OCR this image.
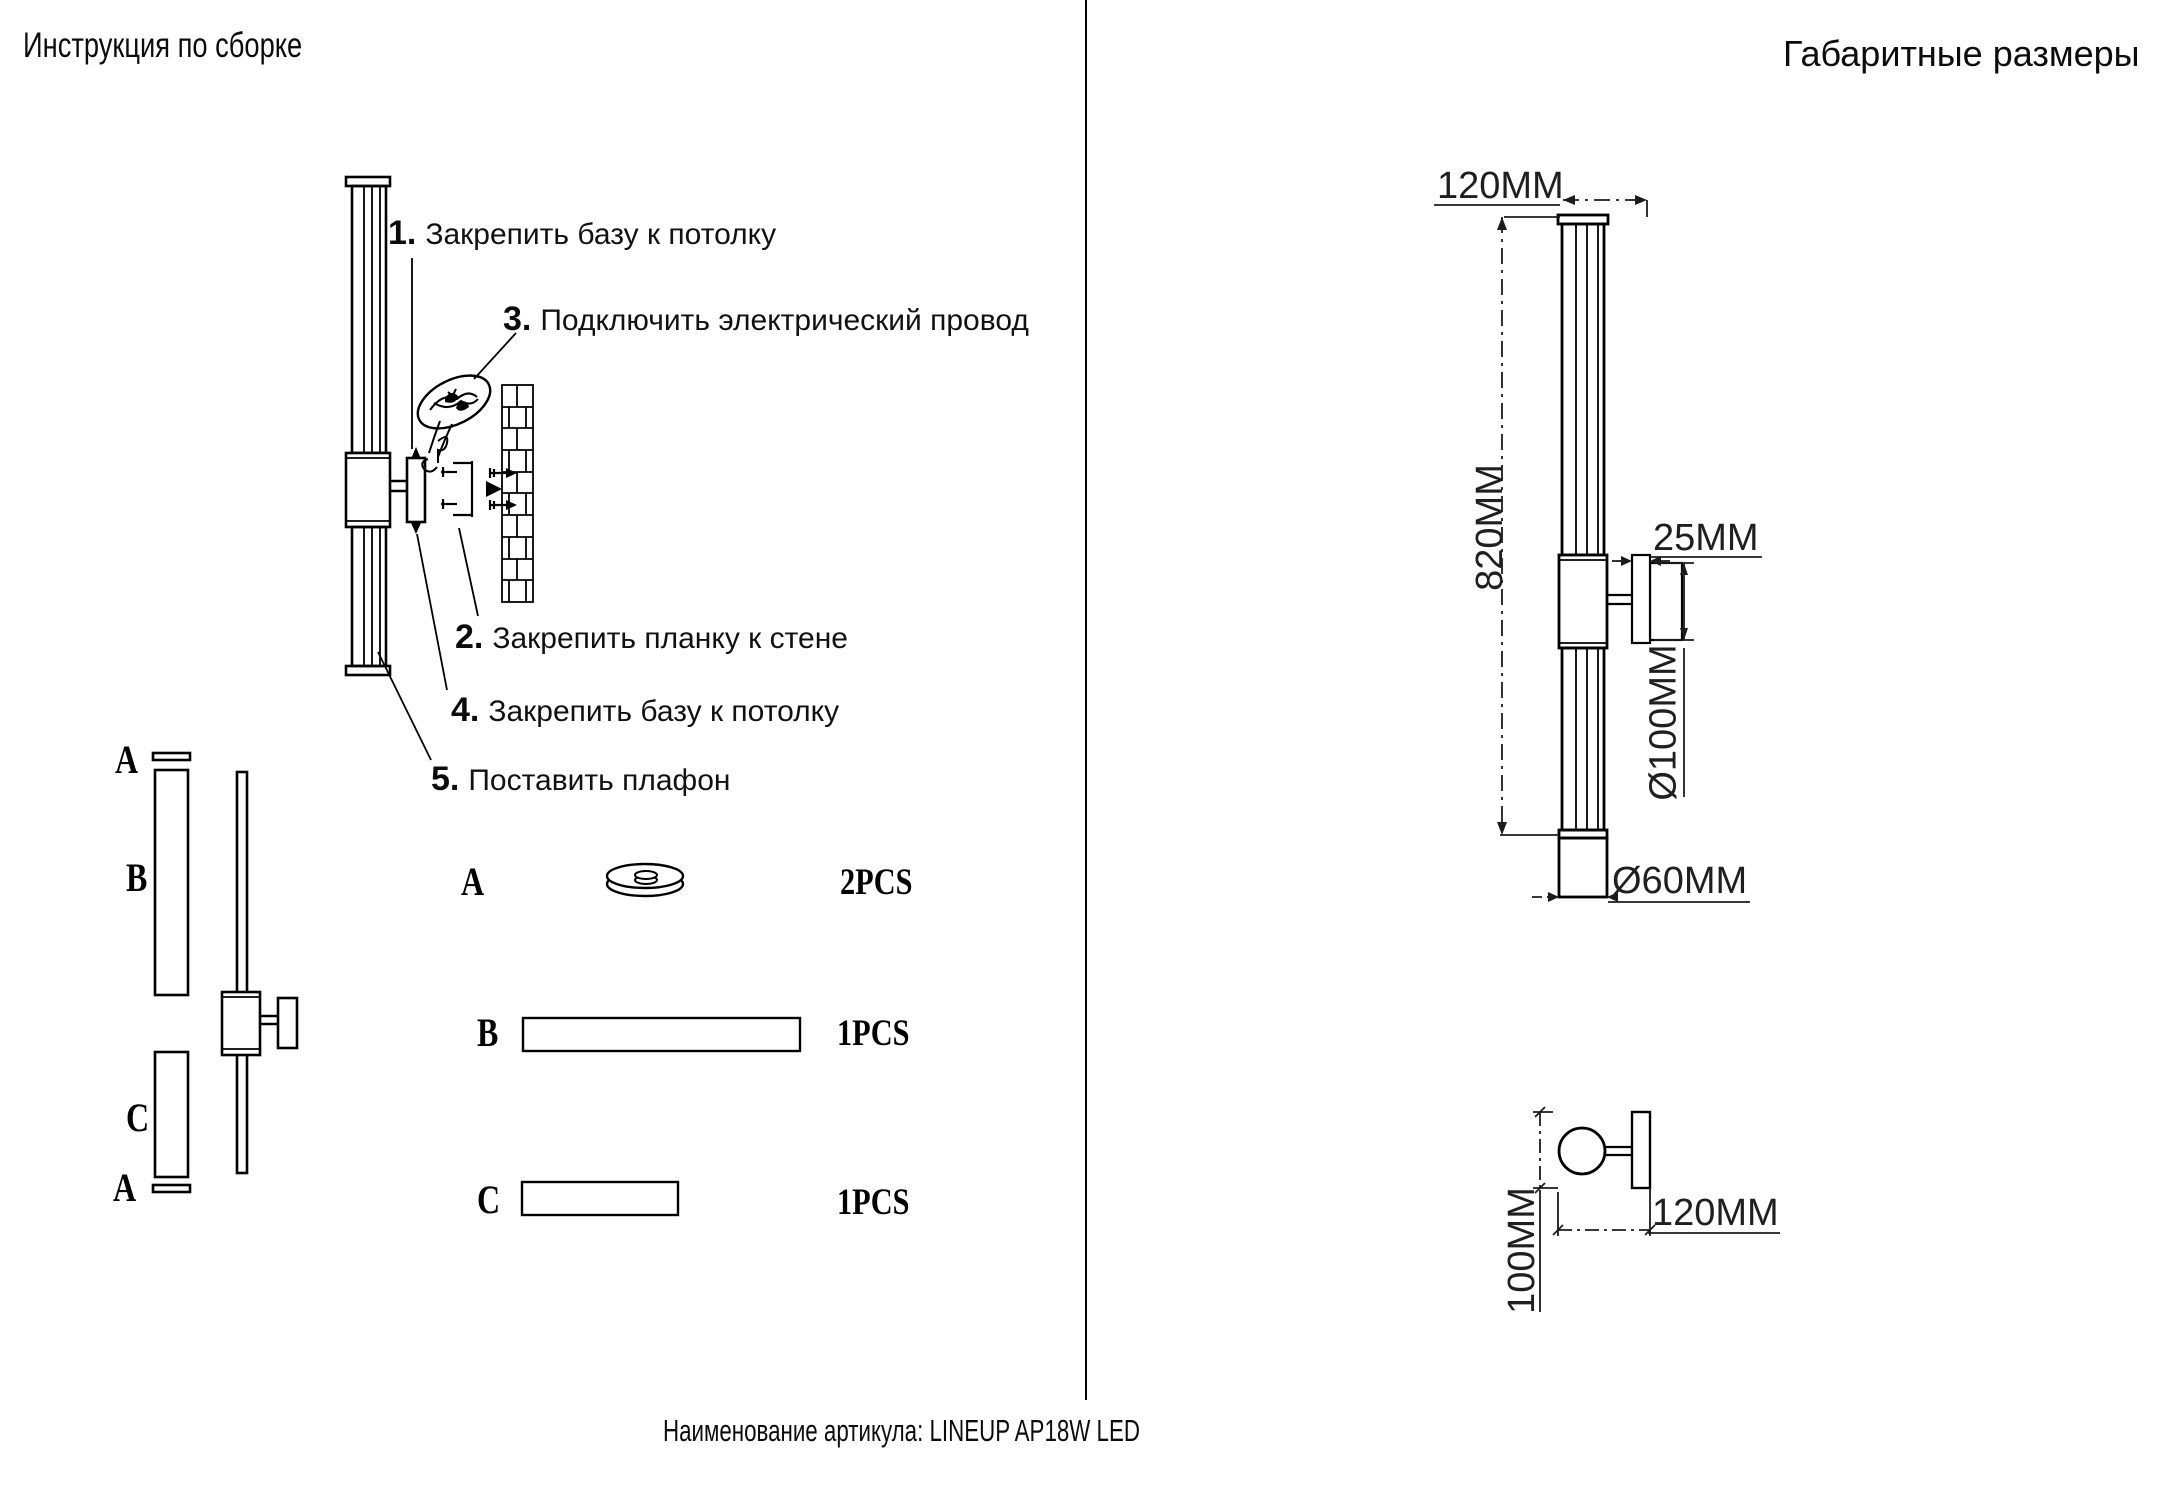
Инструкция по сборке	Габаритные размеры
1. Закрепить базу к потолку
3. Подключить электрический провод
2. Закрепить планку к стене
4. Закрепить базу к потолку
5. Поставить плафон
A
B
C
A
A	2PCS
B	1PCS
C	1PCS
120MM
820MM	25MM
Ø100MM
Ø60MM
100MM	120MM
Наименование артикула: LINEUP AP18W LED
